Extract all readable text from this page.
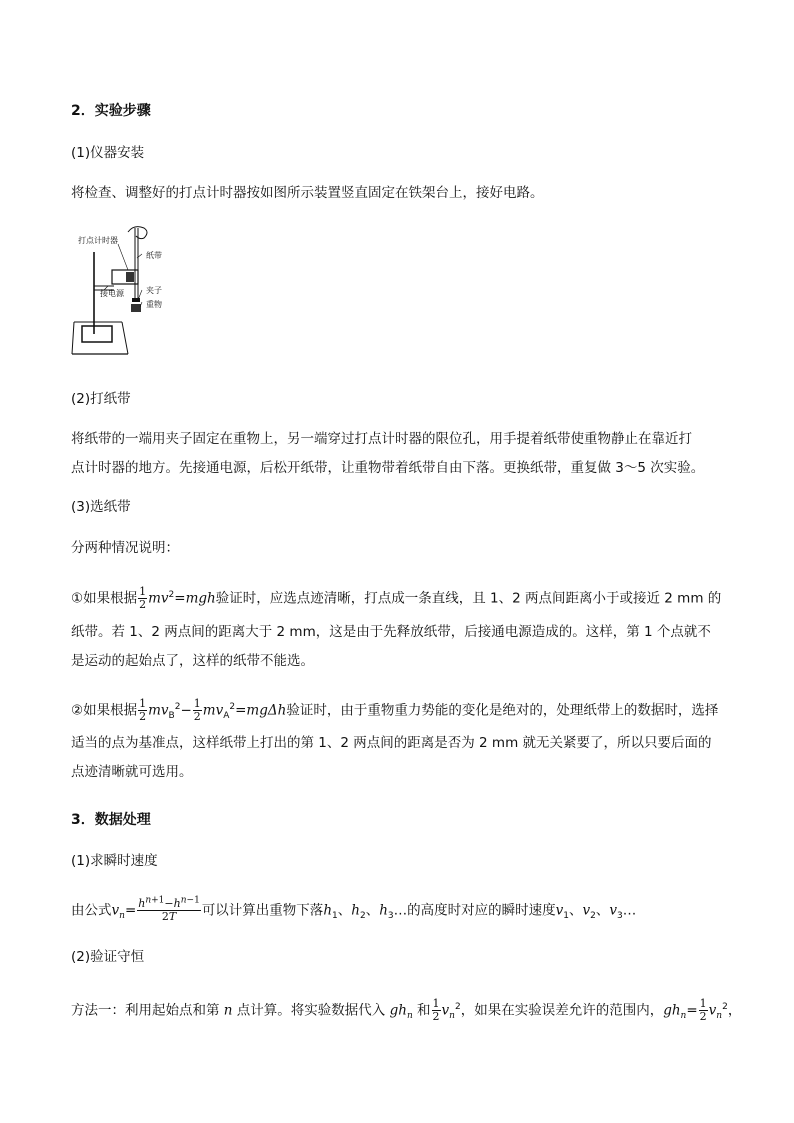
2．实验步骤
(1)仪器安装
将检查、调整好的打点计时器按如图所示装置竖直固定在铁架台上，接好电路。
打点计时器
纸带
接电源	夹子
重物
(2)打纸带
将纸带的一端用夹子固定在重物上，另一端穿过打点计时器的限位孔，用手提着纸带使重物静止在靠近打
点计时器的地方。先接通电源，后松开纸带，让重物带着纸带自由下落。更换纸带，重复做 3～5 次实验。
(3)选纸带
分两种情况说明：
①如果根据 $\frac{1}{2} mv^2=mgh$验证时，应选点迹清晰，打点成一条直线，且 1、2 两点间距离小于或接近 2 mm 的
纸带。若 1、2 两点间的距离大于 2 mm，这是由于先释放纸带，后接通电源造成的。这样，第 1 个点就不
是运动的起始点了，这样的纸带不能选。
②如果根据 $\frac{1}{2} mv_B^2- \frac{1}{2} mv_A^2=mg\Delta h$验证时，由于重物重力势能的变化是绝对的，处理纸带上的数据时，选择
适当的点为基准点，这样纸带上打出的第 1、2 两点间的距离是否为 2 mm 就无关紧要了，所以只要后面的
点迹清晰就可选用。
3．数据处理
(1)求瞬时速度
由公式$v_n= \frac{h^{n+1}-h^{n-1}}{2T}$ 可以计算出重物下落$h_1$、$h_2$、$h_3\dots$的高度时对应的瞬时速度$v_1$、$v_2$、$v_3\dots$
(2)验证守恒
方法一：利用起始点和第 n 点计算。将实验数据代入 $gh_n$ 和 $\frac{1}{2} v_n^2$，如果在实验误差允许的范围内，$gh_n= \frac{1}{2} v_n^2$，
